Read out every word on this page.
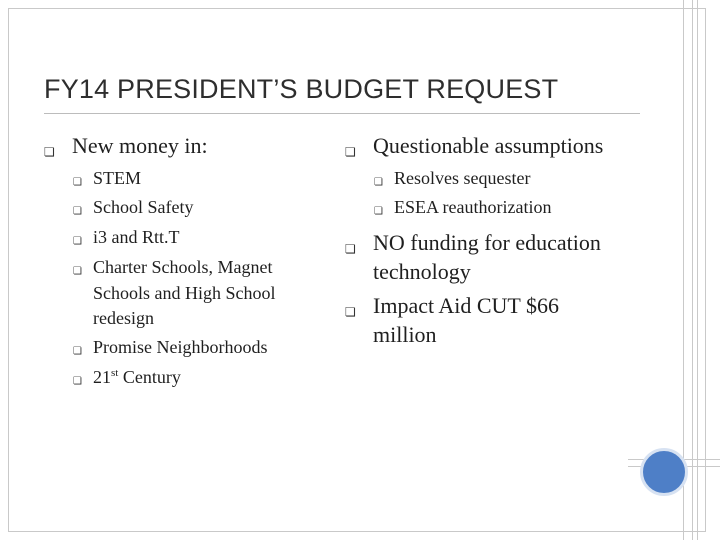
FY14 PRESIDENT’S BUDGET REQUEST
❏ New money in:
❏ STEM
❏ School Safety
❏ i3 and Rtt.T
❏ Charter Schools, Magnet
Schools and High School
redesign
❏ Promise Neighborhoods
❏ 21st Century
❏ Questionable assumptions
❏ Resolves sequester
❏ ESEA reauthorization
❏ NO funding for education
technology
❏ Impact Aid CUT $66
million
